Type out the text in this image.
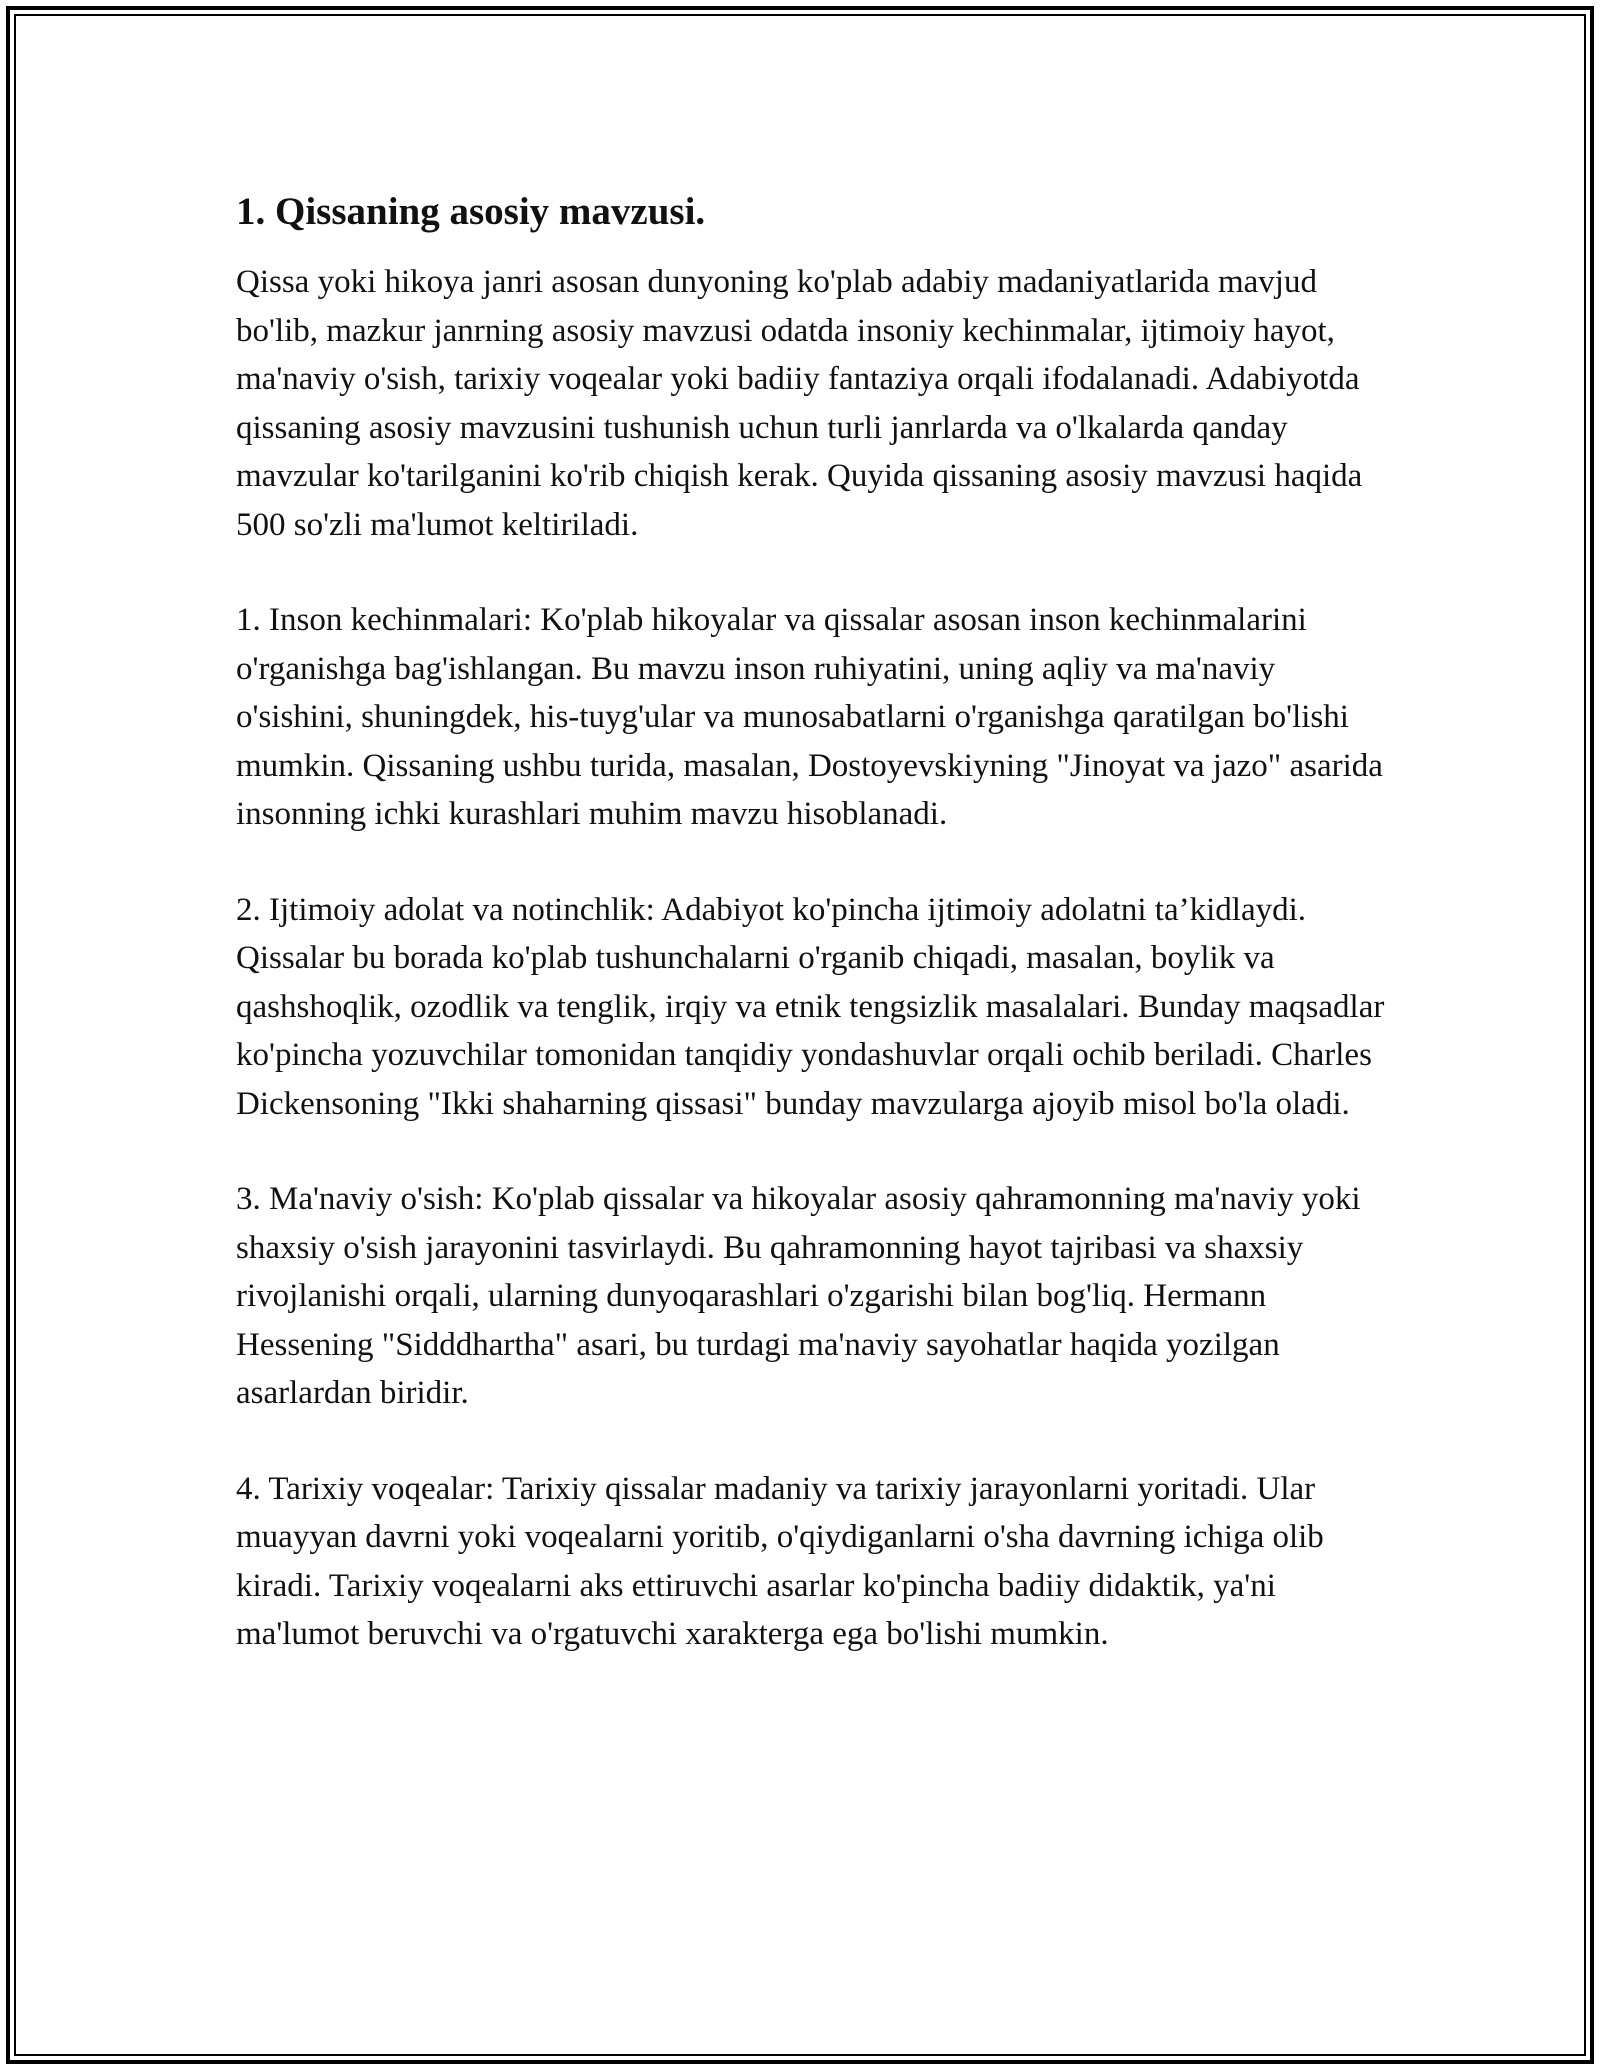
1. Qissaning asosiy mavzusi.

Qissa yoki hikoya janri asosan dunyoning ko'plab adabiy madaniyatlarida mavjud bo'lib, mazkur janrning asosiy mavzusi odatda insoniy kechinmalar, ijtimoiy hayot, ma'naviy o'sish, tarixiy voqealar yoki badiiy fantaziya orqali ifodalanadi. Adabiyotda qissaning asosiy mavzusini tushunish uchun turli janrlarda va o'lkalarda qanday mavzular ko'tarilganini ko'rib chiqish kerak. Quyida qissaning asosiy mavzusi haqida 500 so'zli ma'lumot keltiriladi.

1. Inson kechinmalari: Ko'plab hikoyalar va qissalar asosan inson kechinmalarini o'rganishga bag'ishlangan. Bu mavzu inson ruhiyatini, uning aqliy va ma'naviy o'sishini, shuningdek, his-tuyg'ular va munosabatlarni o'rganishga qaratilgan bo'lishi mumkin. Qissaning ushbu turida, masalan, Dostoyevskiyning "Jinoyat va jazo" asarida insonning ichki kurashlari muhim mavzu hisoblanadi.

2. Ijtimoiy adolat va notinchlik: Adabiyot ko'pincha ijtimoiy adolatni ta’kidlaydi. Qissalar bu borada ko'plab tushunchalarni o'rganib chiqadi, masalan, boylik va qashshoqlik, ozodlik va tenglik, irqiy va etnik tengsizlik masalalari. Bunday maqsadlar ko'pincha yozuvchilar tomonidan tanqidiy yondashuvlar orqali ochib beriladi. Charles Dickensoning "Ikki shaharning qissasi" bunday mavzularga ajoyib misol bo'la oladi.

3. Ma'naviy o'sish: Ko'plab qissalar va hikoyalar asosiy qahramonning ma'naviy yoki shaxsiy o'sish jarayonini tasvirlaydi. Bu qahramonning hayot tajribasi va shaxsiy rivojlanishi orqali, ularning dunyoqarashlari o'zgarishi bilan bog'liq. Hermann Hessening "Sidddhartha" asari, bu turdagi ma'naviy sayohatlar haqida yozilgan asarlardan biridir.

4. Tarixiy voqealar: Tarixiy qissalar madaniy va tarixiy jarayonlarni yoritadi. Ular muayyan davrni yoki voqealarni yoritib, o'qiydiganlarni o'sha davrning ichiga olib kiradi. Tarixiy voqealarni aks ettiruvchi asarlar ko'pincha badiiy didaktik, ya'ni ma'lumot beruvchi va o'rgatuvchi xarakterga ega bo'lishi mumkin.
